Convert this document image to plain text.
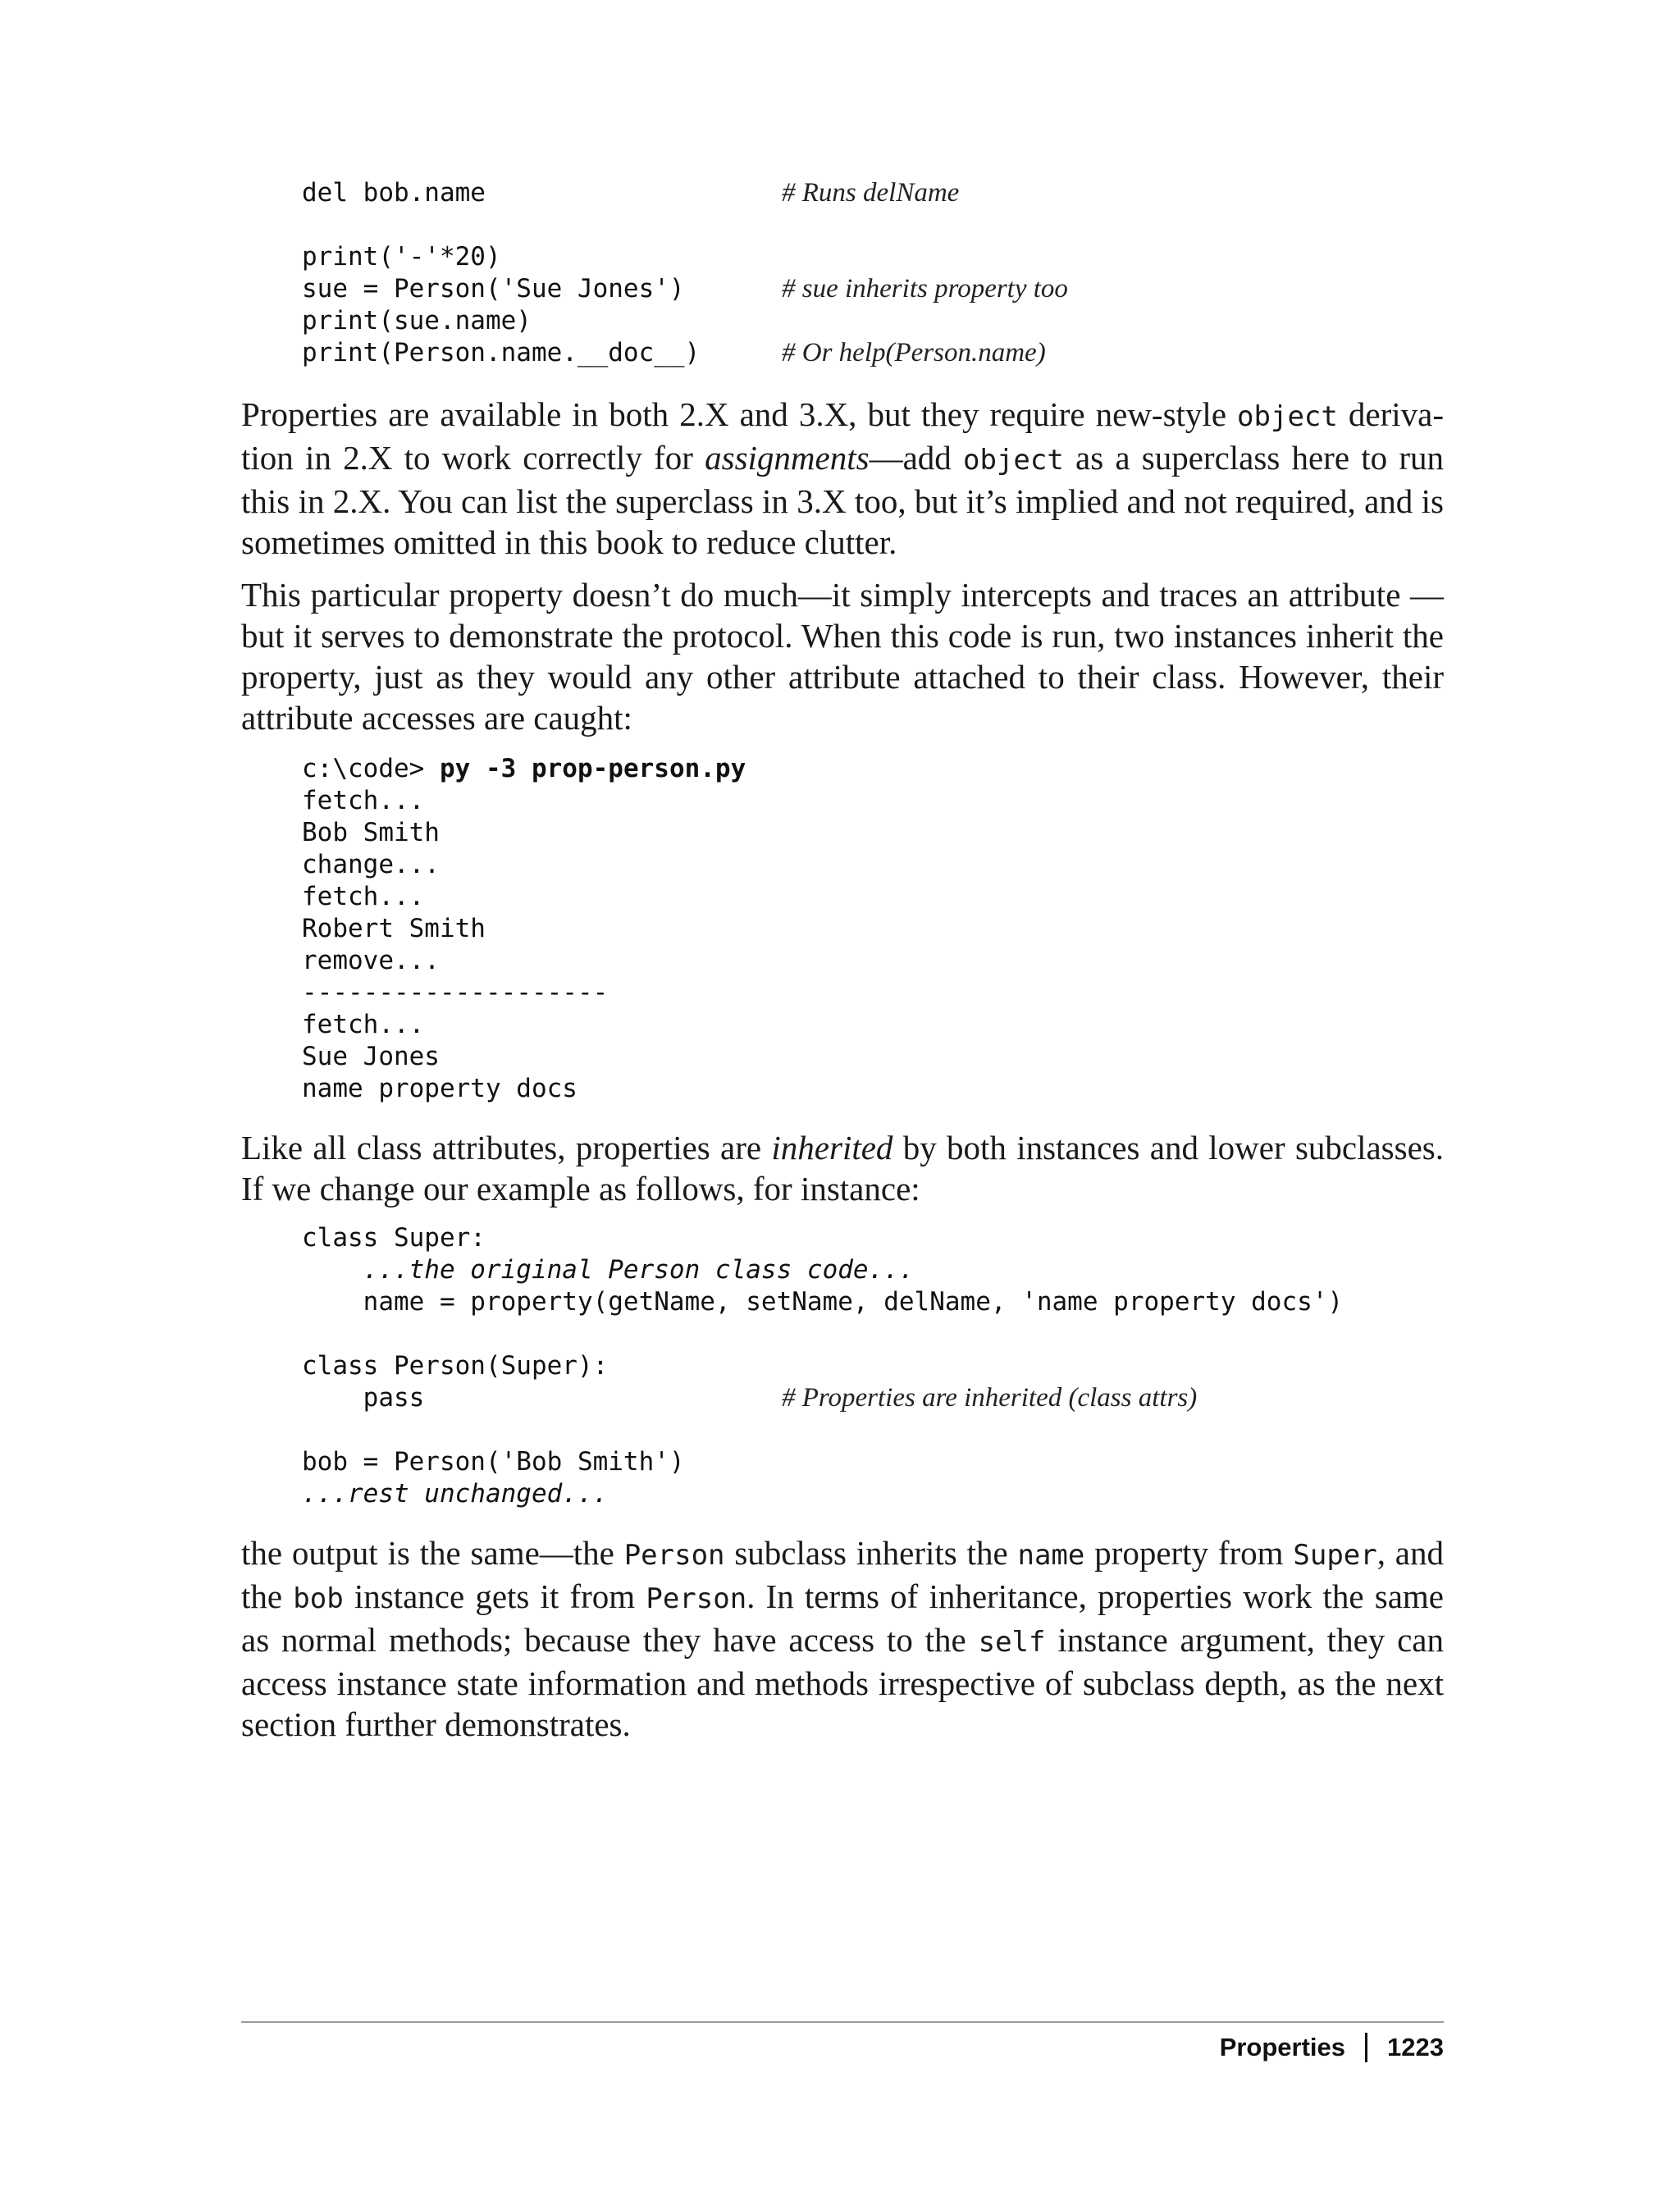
del bob.name	# Runs delName
print('-'*20)
sue = Person('Sue Jones')	# sue inherits property too
print(sue.name)
print(Person.name.__doc__)	# Or help(Person.name)

Properties are available in both 2.X and 3.X, but they require new-style object deriva- tion in 2.X to work correctly for assignments—add object as a superclass here to run this in 2.X. You can list the superclass in 3.X too, but it’s implied and not required, and is sometimes omitted in this book to reduce clutter.

This particular property doesn’t do much—it simply intercepts and traces an attribute —but it serves to demonstrate the protocol. When this code is run, two instances inherit the property, just as they would any other attribute attached to their class. However, their attribute accesses are caught:

c:\code> py -3 prop-person.py
fetch...
Bob Smith
change...
fetch...
Robert Smith
remove...
--------------------
fetch...
Sue Jones
name property docs

Like all class attributes, properties are inherited by both instances and lower subclasses. If we change our example as follows, for instance:

class Super:
...the original Person class code...
name = property(getName, setName, delName, 'name property docs')
class Person(Super):
pass	# Properties are inherited (class attrs)
bob = Person('Bob Smith')
...rest unchanged...

the output is the same—the Person subclass inherits the name property from Super, and the bob instance gets it from Person. In terms of inheritance, properties work the same as normal methods; because they have access to the self instance argument, they can access instance state information and methods irrespective of subclass depth, as the next section further demonstrates.

Properties 1223
